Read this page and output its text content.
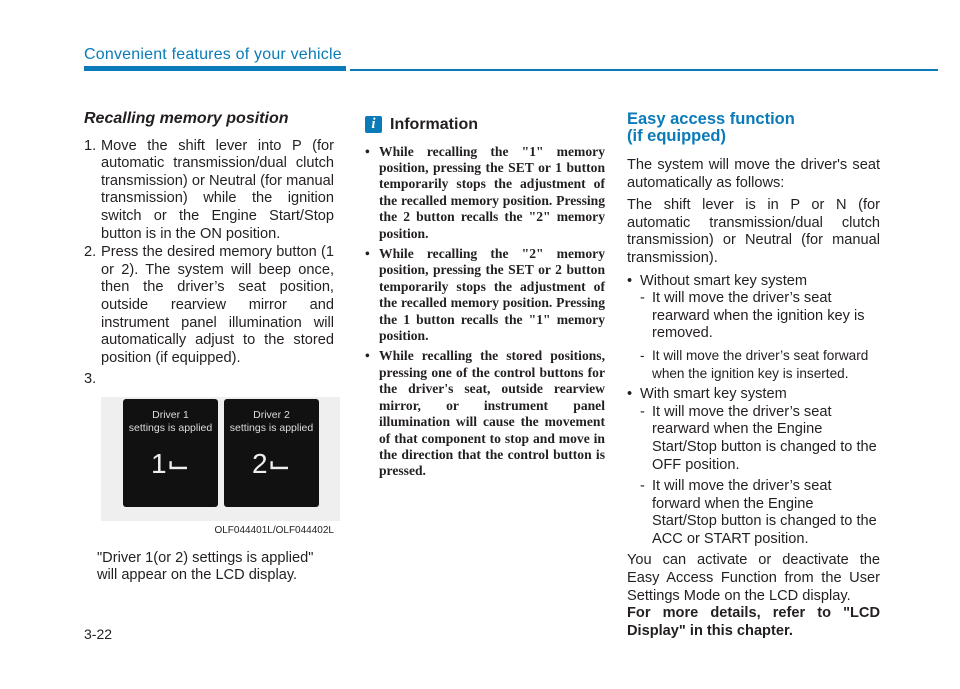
Convenient features of your vehicle
Recalling memory position
1. Move the shift lever into P (for automatic transmission/dual clutch transmission) or Neutral (for manual transmission) while the ignition switch or the Engine Start/Stop button is in the ON position.
2. Press the desired memory button (1 or 2). The system will beep once, then the driver’s seat position, outside rearview mirror and instrument panel illumination will automatically adjust to the stored position (if equipped).
3.
Driver 1
settings is applied
1⌙
Driver 2
settings is applied
2⌙
OLF044401L/OLF044402L
"Driver 1(or 2) settings is applied" will appear on the LCD display.
i Information
• While recalling the "1" memory position, pressing the SET or 1 button temporarily stops the adjustment of the recalled memory position. Pressing the 2 button recalls the "2" memory position.
• While recalling the "2" memory position, pressing the SET or 2 button temporarily stops the adjustment of the recalled memory position. Pressing the 1 button recalls the "1" memory position.
• While recalling the stored positions, pressing one of the control buttons for the driver's seat, outside rearview mirror, or instrument panel illumination will cause the movement of that component to stop and move in the direction that the control button is pressed.
Easy access function
(if equipped)

The system will move the driver's seat automatically as follows:

The shift lever is in P or N (for automatic transmission/dual clutch transmission) or Neutral (for manual transmission).

• Without smart key system
- It will move the driver’s seat rearward when the ignition key is removed.
- It will move the driver’s seat forward when the ignition key is inserted.
• With smart key system
- It will move the driver’s seat rearward when the Engine Start/Stop button is changed to the OFF position.
- It will move the driver’s seat forward when the Engine Start/Stop button is changed to the ACC or START position.

You can activate or deactivate the Easy Access Function from the User Settings Mode on the LCD display.

For more details, refer to "LCD Display" in this chapter.

3-22
